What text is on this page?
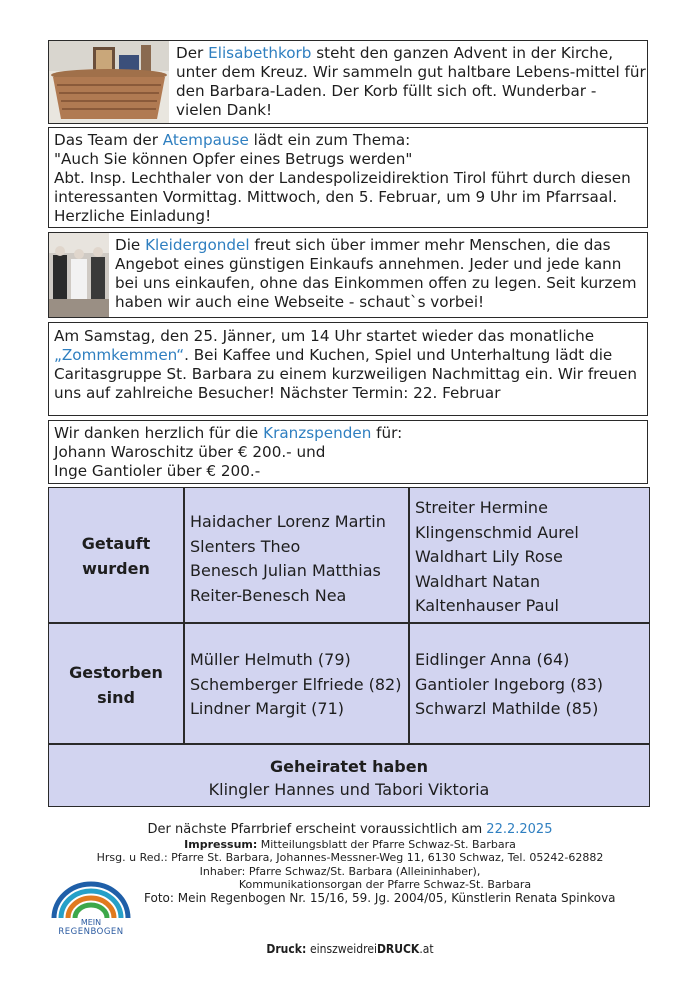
Der Elisabethkorb steht den ganzen Advent in der Kirche, unter dem Kreuz. Wir sammeln gut haltbare Lebens-mittel für den Barbara-Laden. Der Korb füllt sich oft. Wunderbar - vielen Dank!

Das Team der Atempause lädt ein zum Thema:
"Auch Sie können Opfer eines Betrugs werden"
Abt. Insp. Lechthaler von der Landespolizeidirektion Tirol führt durch diesen interessanten Vormittag. Mittwoch, den 5. Februar, um 9 Uhr im Pfarrsaal. Herzliche Einladung!

Die Kleidergondel freut sich über immer mehr Menschen, die das Angebot eines günstigen Einkaufs annehmen. Jeder und jede kann bei uns einkaufen, ohne das Einkommen offen zu legen. Seit kurzem haben wir auch eine Webseite - schaut`s vorbei!

Am Samstag, den 25. Jänner, um 14 Uhr startet wieder das monatliche
„Zommkemmen“. Bei Kaffee und Kuchen, Spiel und Unterhaltung lädt die Caritasgruppe St. Barbara zu einem kurzweiligen Nachmittag ein. Wir freuen uns auf zahlreiche Besucher! Nächster Termin: 22. Februar

Wir danken herzlich für die Kranzspenden für:
Johann Waroschitz über € 200.- und
Inge Gantioler über € 200.-

Getauft
wurden
Haidacher Lorenz Martin
Slenters Theo
Benesch Julian Matthias
Reiter-Benesch Nea
Streiter Hermine
Klingenschmid Aurel
Waldhart Lily Rose
Waldhart Natan
Kaltenhauser Paul
Gestorben
sind
Müller Helmuth (79)
Schemberger Elfriede (82)
Lindner Margit (71)
Eidlinger Anna (64)
Gantioler Ingeborg (83)
Schwarzl Mathilde (85)
Geheiratet haben
Klingler Hannes und Tabori Viktoria
Der nächste Pfarrbrief erscheint voraussichtlich am 22.2.2025
Impressum: Mitteilungsblatt der Pfarre Schwaz-St. Barbara
Hrsg. u Red.: Pfarre St. Barbara, Johannes-Messner-Weg 11, 6130 Schwaz, Tel. 05242-62882
Inhaber: Pfarre Schwaz/St. Barbara (Alleininhaber),
Kommunikationsorgan der Pfarre Schwaz-St. Barbara
Foto: Mein Regenbogen Nr. 15/16, 59. Jg. 2004/05, Künstlerin Renata Spinkova
MEIN
REGENBOGEN
Druck: einszweidreiDRUCK.at
